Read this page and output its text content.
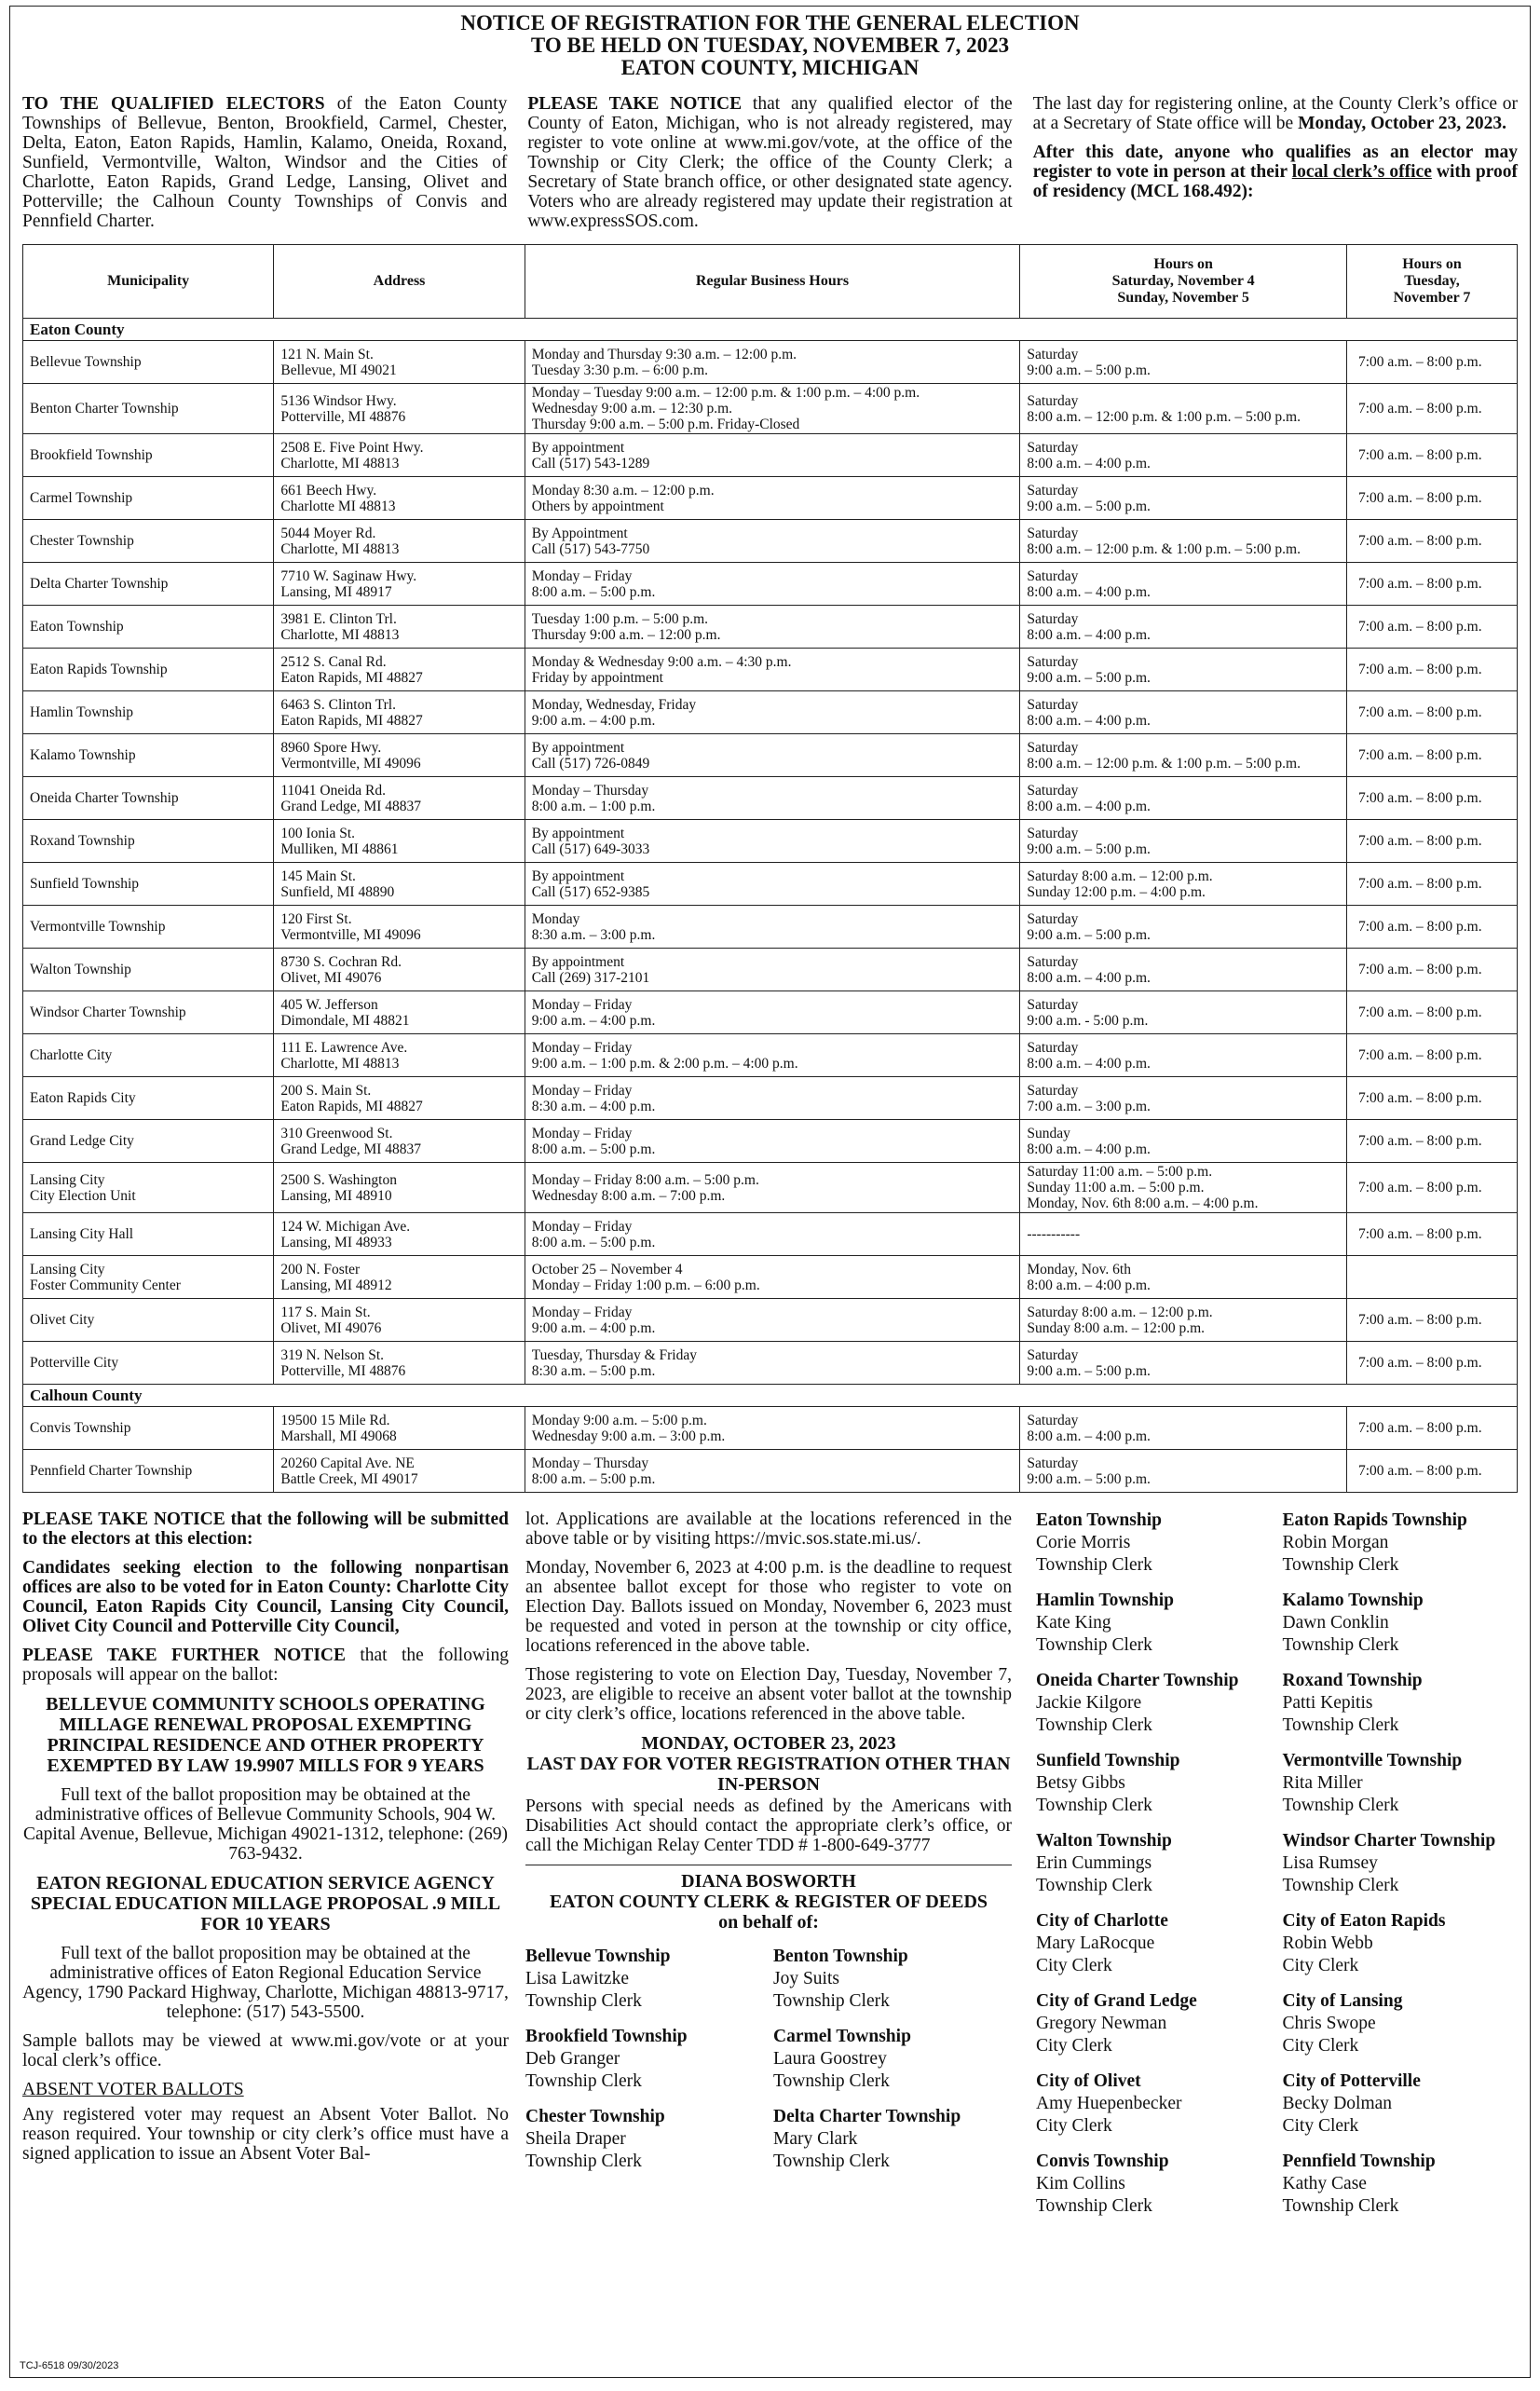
NOTICE OF REGISTRATION FOR THE GENERAL ELECTION
TO BE HELD ON TUESDAY, NOVEMBER 7, 2023
EATON COUNTY, MICHIGAN
TO THE QUALIFIED ELECTORS of the Eaton County Townships of Bellevue, Benton, Brookfield, Carmel, Chester, Delta, Eaton, Eaton Rapids, Hamlin, Kalamo, Oneida, Roxand, Sunfield, Vermontville, Walton, Windsor and the Cities of Charlotte, Eaton Rapids, Grand Ledge, Lansing, Olivet and Potterville; the Calhoun County Townships of Convis and Pennfield Charter.
PLEASE TAKE NOTICE that any qualified elector of the County of Eaton, Michigan, who is not already registered, may register to vote online at www.mi.gov/vote, at the office of the Township or City Clerk; the office of the County Clerk; a Secretary of State branch office, or other designated state agency. Voters who are already registered may update their registration at www.expressSOS.com.

The last day for registering online, at the County Clerk’s office or at a Secretary of State office will be Monday, October 23, 2023.

After this date, anyone who qualifies as an elector may register to vote in person at their local clerk’s office with proof of residency (MCL 168.492):

Municipality	Address	Regular Business Hours	Hours on
Saturday, November 4
Sunday, November 5	Hours on
Tuesday,
November 7
Eaton County				
Bellevue Township	121 N. Main St.
Bellevue, MI 49021	Monday and Thursday 9:30 a.m. – 12:00 p.m.
Tuesday 3:30 p.m. – 6:00 p.m.	Saturday
9:00 a.m. – 5:00 p.m.	7:00 a.m. – 8:00 p.m.
Benton Charter Township	5136 Windsor Hwy.
Potterville, MI 48876	Monday – Tuesday 9:00 a.m. – 12:00 p.m. & 1:00 p.m. – 4:00 p.m.
Wednesday 9:00 a.m. – 12:30 p.m.
Thursday 9:00 a.m. – 5:00 p.m. Friday-Closed	Saturday
8:00 a.m. – 12:00 p.m. & 1:00 p.m. – 5:00 p.m.	7:00 a.m. – 8:00 p.m.
Brookfield Township	2508 E. Five Point Hwy.
Charlotte, MI 48813	By appointment
Call (517) 543-1289	Saturday
8:00 a.m. – 4:00 p.m.	7:00 a.m. – 8:00 p.m.
Carmel Township	661 Beech Hwy.
Charlotte MI 48813	Monday 8:30 a.m. – 12:00 p.m.
Others by appointment	Saturday
9:00 a.m. – 5:00 p.m.	7:00 a.m. – 8:00 p.m.
Chester Township	5044 Moyer Rd.
Charlotte, MI 48813	By Appointment
Call (517) 543-7750	Saturday
8:00 a.m. – 12:00 p.m. & 1:00 p.m. – 5:00 p.m.	7:00 a.m. – 8:00 p.m.
Delta Charter Township	7710 W. Saginaw Hwy.
Lansing, MI 48917	Monday – Friday
8:00 a.m. – 5:00 p.m.	Saturday
8:00 a.m. – 4:00 p.m.	7:00 a.m. – 8:00 p.m.
Eaton Township	3981 E. Clinton Trl.
Charlotte, MI 48813	Tuesday 1:00 p.m. – 5:00 p.m.
Thursday 9:00 a.m. – 12:00 p.m.	Saturday
8:00 a.m. – 4:00 p.m.	7:00 a.m. – 8:00 p.m.
Eaton Rapids Township	2512 S. Canal Rd.
Eaton Rapids, MI 48827	Monday & Wednesday 9:00 a.m. – 4:30 p.m.
Friday by appointment	Saturday
9:00 a.m. – 5:00 p.m.	7:00 a.m. – 8:00 p.m.
Hamlin Township	6463 S. Clinton Trl.
Eaton Rapids, MI 48827	Monday, Wednesday, Friday
9:00 a.m. – 4:00 p.m.	Saturday
8:00 a.m. – 4:00 p.m.	7:00 a.m. – 8:00 p.m.
Kalamo Township	8960 Spore Hwy.
Vermontville, MI 49096	By appointment
Call (517) 726-0849	Saturday
8:00 a.m. – 12:00 p.m. & 1:00 p.m. – 5:00 p.m.	7:00 a.m. – 8:00 p.m.
Oneida Charter Township	11041 Oneida Rd.
Grand Ledge, MI 48837	Monday – Thursday
8:00 a.m. – 1:00 p.m.	Saturday
8:00 a.m. – 4:00 p.m.	7:00 a.m. – 8:00 p.m.
Roxand Township	100 Ionia St.
Mulliken, MI 48861	By appointment
Call (517) 649-3033	Saturday
9:00 a.m. – 5:00 p.m.	7:00 a.m. – 8:00 p.m.
Sunfield Township	145 Main St.
Sunfield, MI 48890	By appointment
Call (517) 652-9385	Saturday 8:00 a.m. – 12:00 p.m.
Sunday 12:00 p.m. – 4:00 p.m.	7:00 a.m. – 8:00 p.m.
Vermontville Township	120 First St.
Vermontville, MI 49096	Monday
8:30 a.m. – 3:00 p.m.	Saturday
9:00 a.m. – 5:00 p.m.	7:00 a.m. – 8:00 p.m.
Walton Township	8730 S. Cochran Rd.
Olivet, MI 49076	By appointment
Call (269) 317-2101	Saturday
8:00 a.m. – 4:00 p.m.	7:00 a.m. – 8:00 p.m.
Windsor Charter Township	405 W. Jefferson
Dimondale, MI 48821	Monday – Friday
9:00 a.m. – 4:00 p.m.	Saturday
9:00 a.m. - 5:00 p.m.	7:00 a.m. – 8:00 p.m.
Charlotte City	111 E. Lawrence Ave.
Charlotte, MI 48813	Monday – Friday
9:00 a.m. – 1:00 p.m. & 2:00 p.m. – 4:00 p.m.	Saturday
8:00 a.m. – 4:00 p.m.	7:00 a.m. – 8:00 p.m.
Eaton Rapids City	200 S. Main St.
Eaton Rapids, MI 48827	Monday – Friday
8:30 a.m. – 4:00 p.m.	Saturday
7:00 a.m. – 3:00 p.m.	7:00 a.m. – 8:00 p.m.
Grand Ledge City	310 Greenwood St.
Grand Ledge, MI 48837	Monday – Friday
8:00 a.m. – 5:00 p.m.	Sunday
8:00 a.m. – 4:00 p.m.	7:00 a.m. – 8:00 p.m.
Lansing City
City Election Unit	2500 S. Washington
Lansing, MI 48910	Monday – Friday 8:00 a.m. – 5:00 p.m.
Wednesday 8:00 a.m. – 7:00 p.m.	Saturday 11:00 a.m. – 5:00 p.m.
Sunday 11:00 a.m. – 5:00 p.m.
Monday, Nov. 6th 8:00 a.m. – 4:00 p.m.	7:00 a.m. – 8:00 p.m.
Lansing City Hall	124 W. Michigan Ave.
Lansing, MI 48933	Monday – Friday
8:00 a.m. – 5:00 p.m.	-----------	7:00 a.m. – 8:00 p.m.
Lansing City
Foster Community Center	200 N. Foster
Lansing, MI 48912	October 25 – November 4
Monday – Friday 1:00 p.m. – 6:00 p.m.	Monday, Nov. 6th
8:00 a.m. – 4:00 p.m.	
Olivet City	117 S. Main St.
Olivet, MI 49076	Monday – Friday
9:00 a.m. – 4:00 p.m.	Saturday 8:00 a.m. – 12:00 p.m.
Sunday 8:00 a.m. – 12:00 p.m.	7:00 a.m. – 8:00 p.m.
Potterville City	319 N. Nelson St.
Potterville, MI 48876	Tuesday, Thursday & Friday
8:30 a.m. – 5:00 p.m.	Saturday
9:00 a.m. – 5:00 p.m.	7:00 a.m. – 8:00 p.m.
Calhoun County				
Convis Township	19500 15 Mile Rd.
Marshall, MI 49068	Monday 9:00 a.m. – 5:00 p.m.
Wednesday 9:00 a.m. – 3:00 p.m.	Saturday
8:00 a.m. – 4:00 p.m.	7:00 a.m. – 8:00 p.m.
Pennfield Charter Township	20260 Capital Ave. NE
Battle Creek, MI 49017	Monday – Thursday
8:00 a.m. – 5:00 p.m.	Saturday
9:00 a.m. – 5:00 p.m.	7:00 a.m. – 8:00 p.m.

PLEASE TAKE NOTICE that the following will be submitted to the electors at this election:

Candidates seeking election to the following nonpartisan offices are also to be voted for in Eaton County: Charlotte City Council, Eaton Rapids City Council, Lansing City Council, Olivet City Council and Potterville City Council,

PLEASE TAKE FURTHER NOTICE that the following proposals will appear on the ballot:

BELLEVUE COMMUNITY SCHOOLS OPERATING MILLAGE RENEWAL PROPOSAL EXEMPTING PRINCIPAL RESIDENCE AND OTHER PROPERTY EXEMPTED BY LAW 19.9907 MILLS FOR 9 YEARS

Full text of the ballot proposition may be obtained at the administrative offices of Bellevue Community Schools, 904 W. Capital Avenue, Bellevue, Michigan 49021-1312, telephone: (269) 763-9432.

EATON REGIONAL EDUCATION SERVICE AGENCY SPECIAL EDUCATION MILLAGE PROPOSAL .9 MILL FOR 10 YEARS

Full text of the ballot proposition may be obtained at the administrative offices of Eaton Regional Education Service Agency, 1790 Packard Highway, Charlotte, Michigan 48813-9717, telephone: (517) 543-5500.

Sample ballots may be viewed at www.mi.gov/vote or at your local clerk’s office.

ABSENT VOTER BALLOTS

Any registered voter may request an Absent Voter Ballot. No reason required. Your township or city clerk’s office must have a signed application to issue an Absent Voter Bal-

lot. Applications are available at the locations referenced in the above table or by visiting https://mvic.sos.state.mi.us/.

Monday, November 6, 2023 at 4:00 p.m. is the deadline to request an absentee ballot except for those who register to vote on Election Day. Ballots issued on Monday, November 6, 2023 must be requested and voted in person at the township or city office, locations referenced in the above table.

Those registering to vote on Election Day, Tuesday, November 7, 2023, are eligible to receive an absent voter ballot at the township or city clerk’s office, locations referenced in the above table.

MONDAY, OCTOBER 23, 2023
LAST DAY FOR VOTER REGISTRATION OTHER THAN IN-PERSON

Persons with special needs as defined by the Americans with Disabilities Act should contact the appropriate clerk’s office, or call the Michigan Relay Center TDD # 1-800-649-3777

DIANA BOSWORTH
EATON COUNTY CLERK & REGISTER OF DEEDS
on behalf of:
Bellevue Township
Lisa Lawitzke
Township Clerk
Benton Township
Joy Suits
Township Clerk
Brookfield Township
Deb Granger
Township Clerk
Carmel Township
Laura Goostrey
Township Clerk
Chester Township
Sheila Draper
Township Clerk
Delta Charter Township
Mary Clark
Township Clerk
Eaton Township
Corie Morris
Township Clerk
Eaton Rapids Township
Robin Morgan
Township Clerk
Hamlin Township
Kate King
Township Clerk
Kalamo Township
Dawn Conklin
Township Clerk
Oneida Charter Township
Jackie Kilgore
Township Clerk
Roxand Township
Patti Kepitis
Township Clerk
Sunfield Township
Betsy Gibbs
Township Clerk
Vermontville Township
Rita Miller
Township Clerk
Walton Township
Erin Cummings
Township Clerk
Windsor Charter Township
Lisa Rumsey
Township Clerk
City of Charlotte
Mary LaRocque
City Clerk
City of Eaton Rapids
Robin Webb
City Clerk
City of Grand Ledge
Gregory Newman
City Clerk
City of Lansing
Chris Swope
City Clerk
City of Olivet
Amy Huepenbecker
City Clerk
City of Potterville
Becky Dolman
City Clerk
Convis Township
Kim Collins
Township Clerk
Pennfield Township
Kathy Case
Township Clerk
TCJ-6518 09/30/2023
